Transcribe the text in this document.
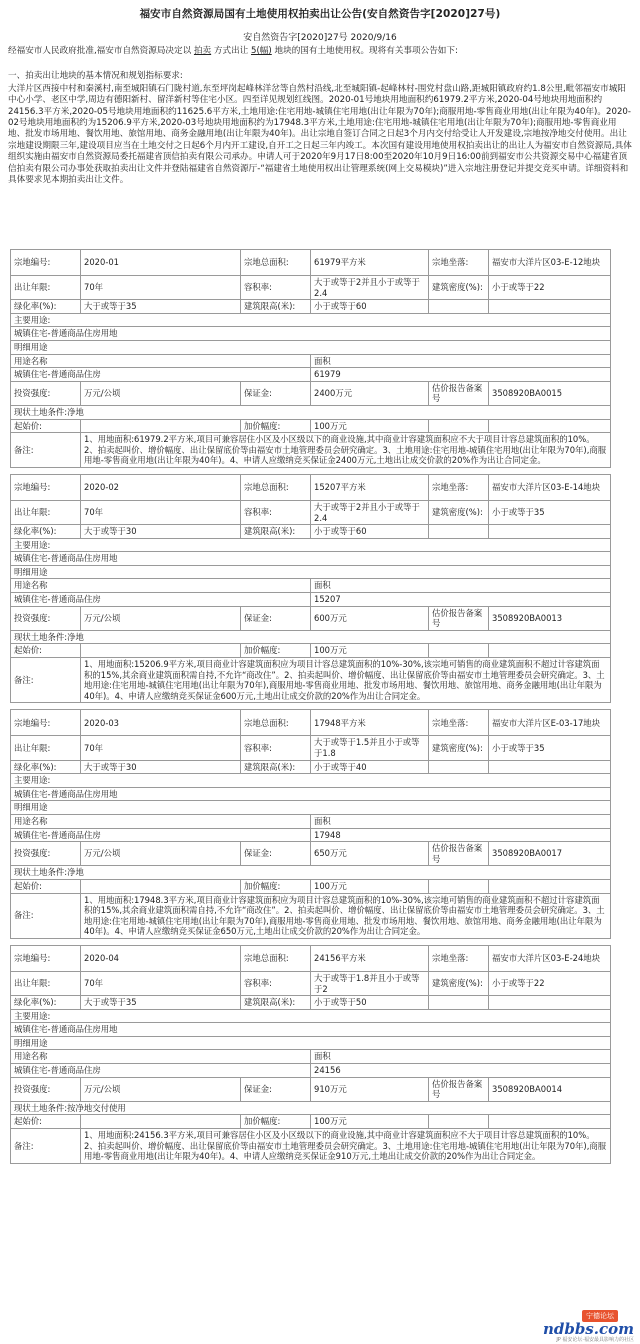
福安市自然资源局国有土地使用权拍卖出让公告(安自然资告字[2020]27号)
安自然资告字[2020]27号 2020/9/16
经福安市人民政府批准,福安市自然资源局决定以 拍卖 方式出让 5(幅) 地块的国有土地使用权。现将有关事项公告如下:
一、拍卖出让地块的基本情况和规划指标要求:
大洋片区西接中村和秦溪村,南至城阳镇石门陇村道,东至坪岗起峰林洋岔等自然村沿线,北至城阳镇-起峰林村-围党村盘山路,距城阳镇政府约1.8公里,毗邻福安市城阳中心小学、老区中学,周边有德阳新村、留洋新村等住宅小区。四至详见规划红线图。2020-01号地块用地面积约61979.2平方米,2020-04号地块用地面积约24156.3平方米,2020-05号地块用地面积约11625.6平方米,土地用途:住宅用地-城镇住宅用地(出让年限为70年);商服用地-零售商业用地(出让年限为40年)。2020-02号地块用地面积约为15206.9平方米,2020-03号地块用地面积约为17948.3平方米,土地用途:住宅用地-城镇住宅用地(出让年限为70年);商服用地-零售商业用地、批发市场用地、餐饮用地、旅馆用地、商务金融用地(出让年限为40年)。出让宗地自签订合同之日起3个月内交付给受让人开发建设,宗地按净地交付使用。出让宗地建设期限三年,建设项目应当在土地交付之日起6个月内开工建设,自开工之日起三年内竣工。本次国有建设用地使用权拍卖出让的出让人为福安市自然资源局,具体组织实施由福安市自然资源局委托福建省顶信拍卖有限公司承办。申请人可于2020年9月17日8:00至2020年10月9日16:00前到福安市公共资源交易中心福建省顶信拍卖有限公司办事处获取拍卖出让文件并登陆福建省自然资源厅-“福建省土地使用权出让管理系统(网上交易模块)”进入宗地注册登记并提交竞买申请。详细资料和具体要求见本期拍卖出让文件。
宗地编号:	2020-01	宗地总面积:	61979平方米	宗地坐落:	福安市大洋片区03-E-12地块
出让年限:	70年	容积率:	大于或等于2并且小于或等于2.4	建筑密度(%):	小于或等于22
绿化率(%):	大于或等于35	建筑限高(米):	小于或等于60		
主要用途:					
城镇住宅-普通商品住房用地					
明细用途					
用途名称			面积		
城镇住宅-普通商品住房			61979		
投资强度:	万元/公顷	保证金:	2400万元	估价报告备案号	3508920BA0015
现状土地条件:净地					
起始价:		加价幅度:	100万元		
备注:	1、用地面积:61979.2平方米,项目可兼容居住小区及小区级以下的商业设施,其中商业计容建筑面积应不大于项目计容总建筑面积的10%。2、拍卖起叫价、增价幅度、出让保留底价等由福安市土地管理委员会研究确定。3、土地用途:住宅用地-城镇住宅用地(出让年限为70年),商服用地-零售商业用地(出让年限为40年)。4、申请人应缴纳竞买保证金2400万元,土地出让成交价款的20%作为出让合同定金。				
宗地编号:	2020-02	宗地总面积:	15207平方米	宗地坐落:	福安市大洋片区03-E-14地块
出让年限:	70年	容积率:	大于或等于2并且小于或等于2.4	建筑密度(%):	小于或等于35
绿化率(%):	大于或等于30	建筑限高(米):	小于或等于60		
主要用途:					
城镇住宅-普通商品住房用地					
明细用途					
用途名称			面积		
城镇住宅-普通商品住房			15207		
投资强度:	万元/公顷	保证金:	600万元	估价报告备案号	3508920BA0013
现状土地条件:净地					
起始价:		加价幅度:	100万元		
备注:	1、用地面积:15206.9平方米,项目商业计容建筑面积应为项目计容总建筑面积的10%-30%,该宗地可销售的商业建筑面积不超过计容建筑面积的15%,其余商业建筑面积需自持,不允许“商改住”。2、拍卖起叫价、增价幅度、出让保留底价等由福安市土地管理委员会研究确定。3、土地用途:住宅用地-城镇住宅用地(出让年限为70年),商服用地-零售商业用地、批发市场用地、餐饮用地、旅馆用地、商务金融用地(出让年限为40年)。4、申请人应缴纳竞买保证金600万元,土地出让成交价款的20%作为出让合同定金。				
宗地编号:	2020-03	宗地总面积:	17948平方米	宗地坐落:	福安市大洋片区E-03-17地块
出让年限:	70年	容积率:	大于或等于1.5并且小于或等于1.8	建筑密度(%):	小于或等于35
绿化率(%):	大于或等于30	建筑限高(米):	小于或等于40		
主要用途:					
城镇住宅-普通商品住房用地					
明细用途					
用途名称			面积		
城镇住宅-普通商品住房			17948		
投资强度:	万元/公顷	保证金:	650万元	估价报告备案号	3508920BA0017
现状土地条件:净地					
起始价:		加价幅度:	100万元		
备注:	1、用地面积:17948.3平方米,项目商业计容建筑面积应为项目计容总建筑面积的10%-30%,该宗地可销售的商业建筑面积不超过计容建筑面积的15%,其余商业建筑面积需自持,不允许“商改住”。2、拍卖起叫价、增价幅度、出让保留底价等由福安市土地管理委员会研究确定。3、土地用途:住宅用地-城镇住宅用地(出让年限为70年),商服用地-零售商业用地、批发市场用地、餐饮用地、旅馆用地、商务金融用地(出让年限为40年)。4、申请人应缴纳竞买保证金650万元,土地出让成交价款的20%作为出让合同定金。				
宗地编号:	2020-04	宗地总面积:	24156平方米	宗地坐落:	福安市大洋片区03-E-24地块
出让年限:	70年	容积率:	大于或等于1.8并且小于或等于2	建筑密度(%):	小于或等于22
绿化率(%):	大于或等于35	建筑限高(米):	小于或等于50		
主要用途:					
城镇住宅-普通商品住房用地					
明细用途					
用途名称			面积		
城镇住宅-普通商品住房			24156		
投资强度:	万元/公顷	保证金:	910万元	估价报告备案号	3508920BA0014
现状土地条件:按净地交付使用					
起始价:		加价幅度:	100万元		
备注:	1、用地面积:24156.3平方米,项目可兼容居住小区及小区级以下的商业设施,其中商业计容建筑面积应不大于项目计容总建筑面积的10%。2、拍卖起叫价、增价幅度、出让保留底价等由福安市土地管理委员会研究确定。3、土地用途:住宅用地-城镇住宅用地(出让年限为70年),商服用地-零售商业用地(出让年限为40年)。4、申请人应缴纳竞买保证金910万元,土地出让成交价款的20%作为出让合同定金。				
宁德论坛
ndbbs.com
JP 福安论坛·福安最具影响力的社区
